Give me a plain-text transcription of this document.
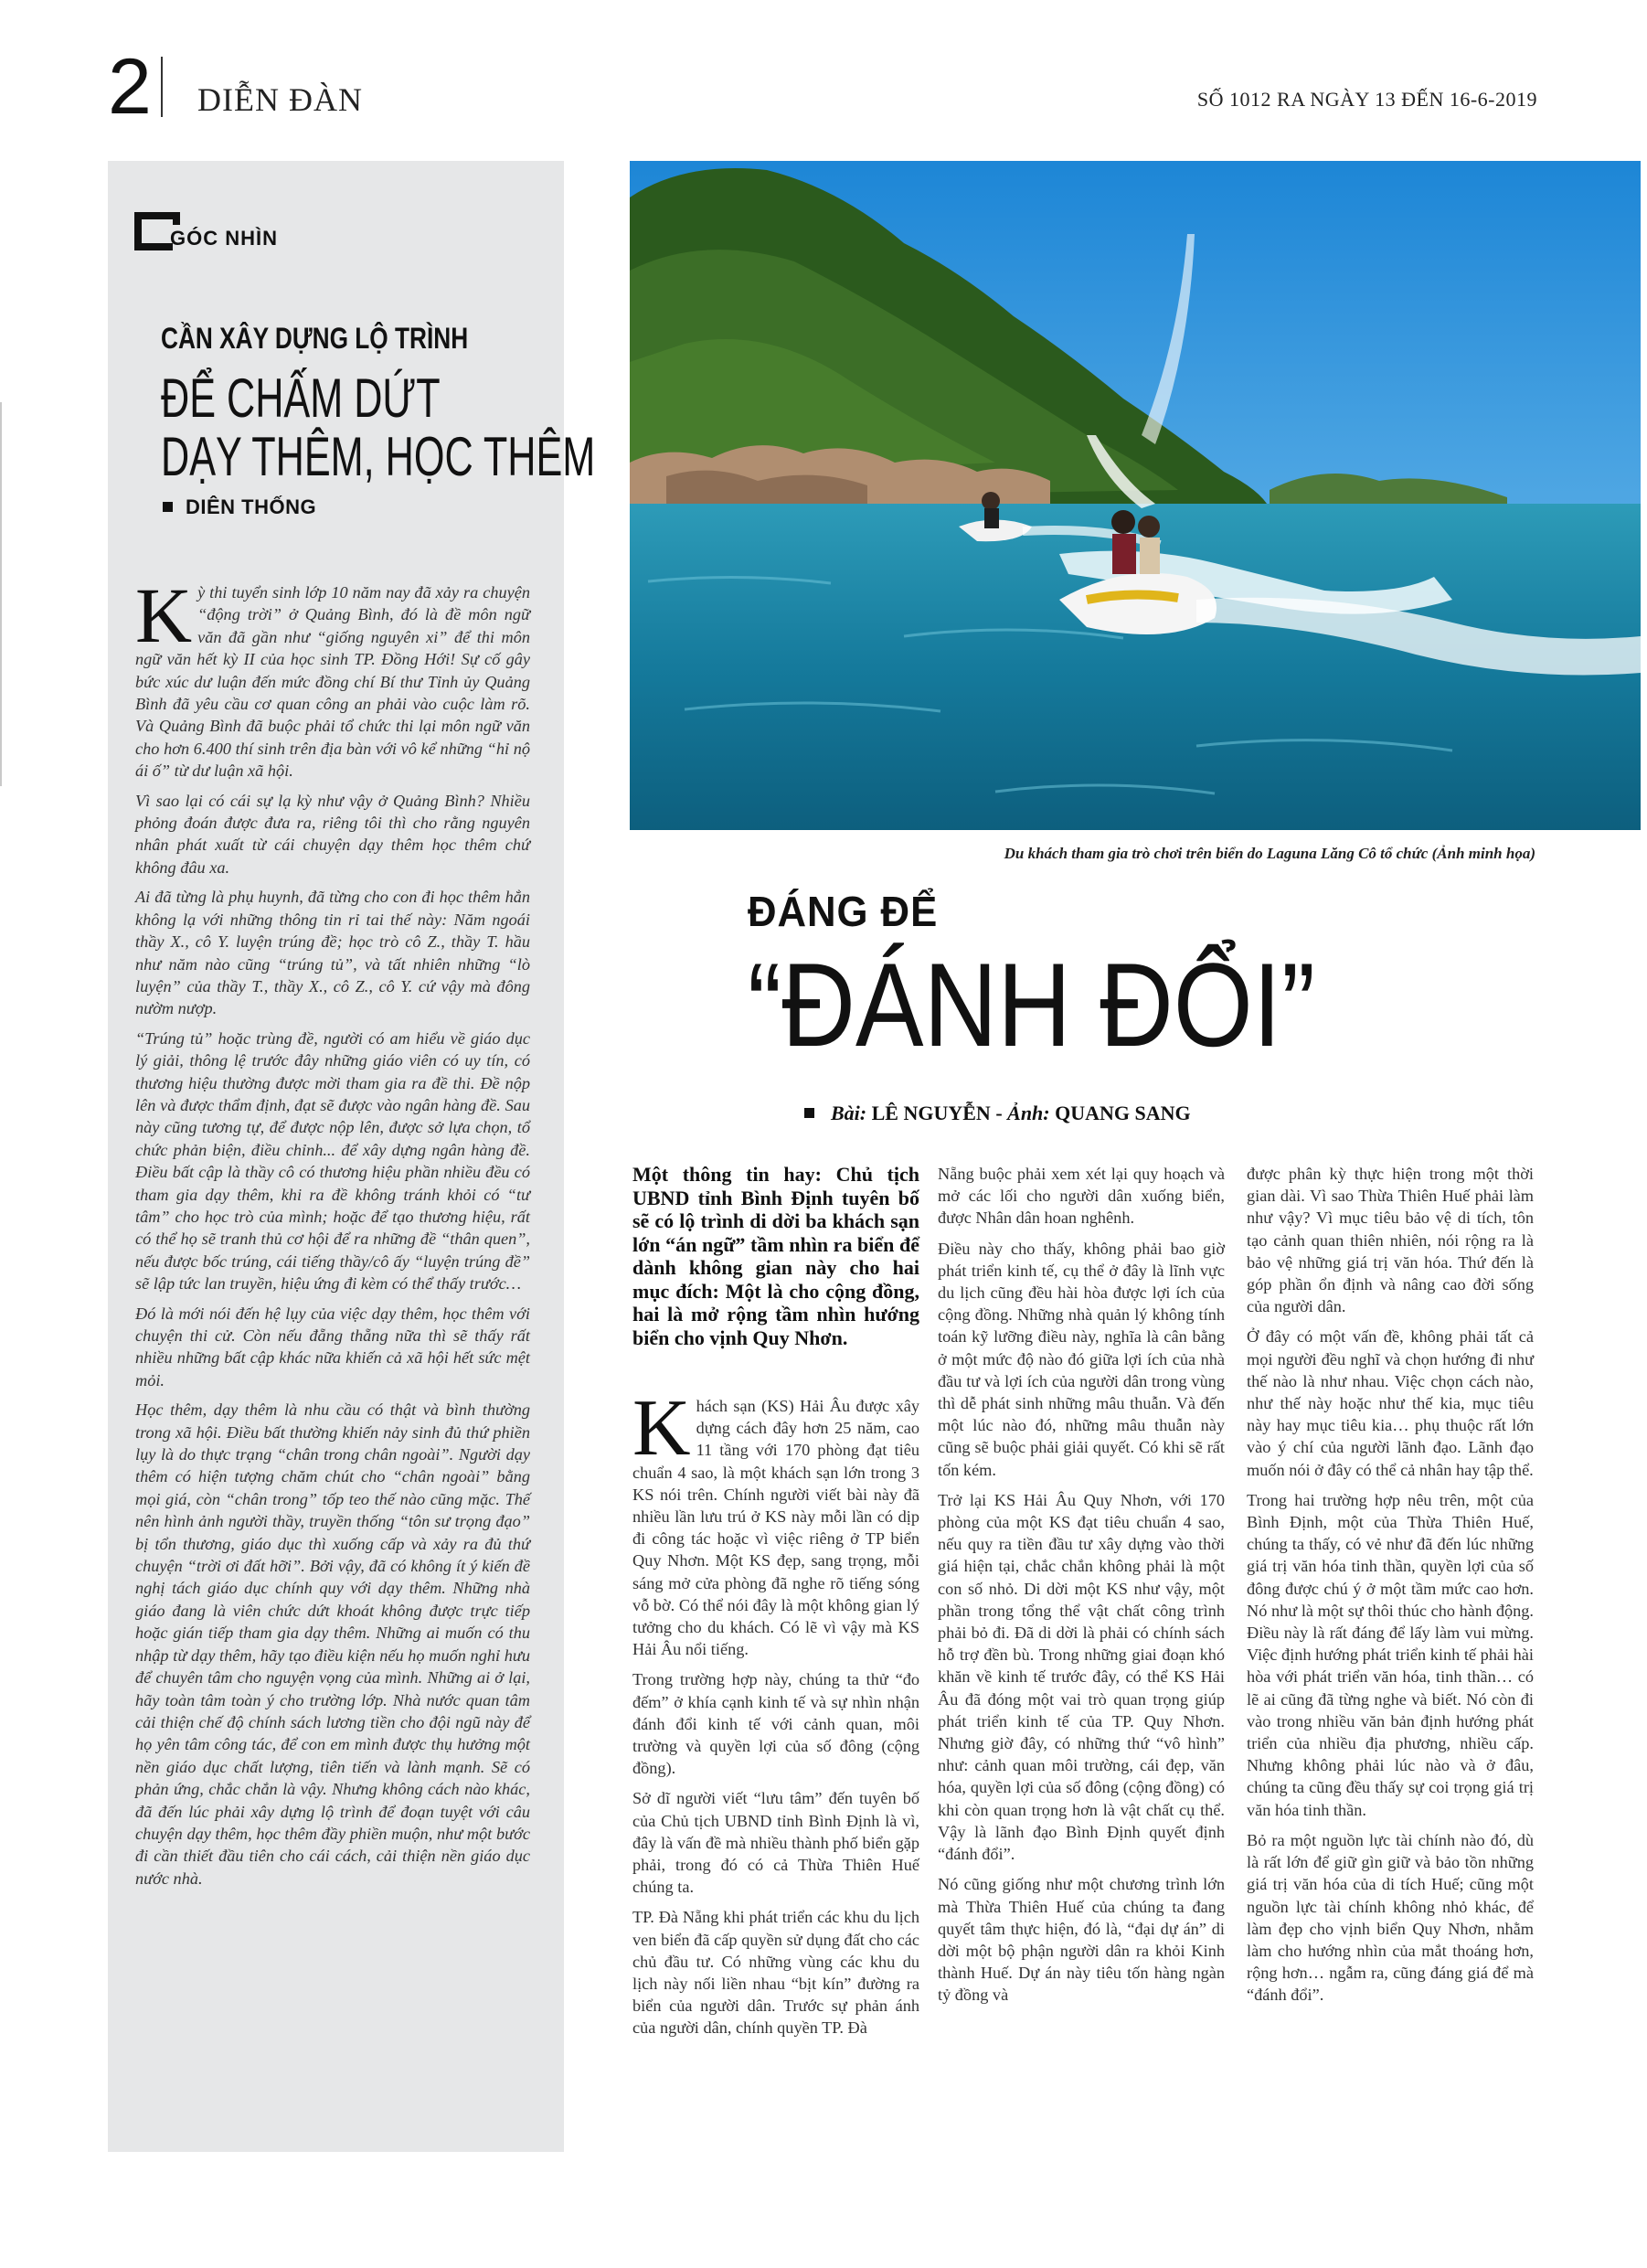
2 DIỄN ĐÀN	SỐ 1012 RA NGÀY 13 ĐẾN 16-6-2019
GÓC NHÌN
CẦN XÂY DỰNG LỘ TRÌNH
ĐỂ CHẤM DỨT
DẠY THÊM, HỌC THÊM
DIÊN THỐNG

Kỳ thi tuyển sinh lớp 10 năm nay đã xảy ra chuyện “động trời” ở Quảng Bình, đó là đề môn ngữ văn đã gần như “giống nguyên xi” để thi môn ngữ văn hết kỳ II của học sinh TP. Đồng Hới! Sự cố gây bức xúc dư luận đến mức đồng chí Bí thư Tỉnh ủy Quảng Bình đã yêu cầu cơ quan công an phải vào cuộc làm rõ. Và Quảng Bình đã buộc phải tổ chức thi lại môn ngữ văn cho hơn 6.400 thí sinh trên địa bàn với vô kể những “hỉ nộ ái ố” từ dư luận xã hội.

Vì sao lại có cái sự lạ kỳ như vậy ở Quảng Bình? Nhiều phỏng đoán được đưa ra, riêng tôi thì cho rằng nguyên nhân phát xuất từ cái chuyện dạy thêm học thêm chứ không đâu xa.

Ai đã từng là phụ huynh, đã từng cho con đi học thêm hẳn không lạ với những thông tin rỉ tai thế này: Năm ngoái thầy X., cô Y. luyện trúng đề; học trò cô Z., thầy T. hầu như năm nào cũng “trúng tủ”, và tất nhiên những “lò luyện” của thầy T., thầy X., cô Z., cô Y. cứ vậy mà đông nườm nượp.

“Trúng tủ” hoặc trùng đề, người có am hiểu về giáo dục lý giải, thông lệ trước đây những giáo viên có uy tín, có thương hiệu thường được mời tham gia ra đề thi. Đề nộp lên và được thẩm định, đạt sẽ được vào ngân hàng đề. Sau này cũng tương tự, để được nộp lên, được sở lựa chọn, tổ chức phản biện, điều chỉnh... để xây dựng ngân hàng đề. Điều bất cập là thầy cô có thương hiệu phần nhiều đều có tham gia dạy thêm, khi ra đề không tránh khỏi có “tư tâm” cho học trò của mình; hoặc để tạo thương hiệu, rất có thể họ sẽ tranh thủ cơ hội để ra những đề “thân quen”, nếu được bốc trúng, cái tiếng thầy/cô ấy “luyện trúng đề” sẽ lập tức lan truyền, hiệu ứng đi kèm có thể thấy trước…

Đó là mới nói đến hệ lụy của việc dạy thêm, học thêm với chuyện thi cử. Còn nếu đẵng thẵng nữa thì sẽ thấy rất nhiều những bất cập khác nữa khiến cả xã hội hết sức mệt mỏi.

Học thêm, dạy thêm là nhu cầu có thật và bình thường trong xã hội. Điều bất thường khiến nảy sinh đủ thứ phiền lụy là do thực trạng “chân trong chân ngoài”. Người dạy thêm có hiện tượng chăm chút cho “chân ngoài” bằng mọi giá, còn “chân trong” tốp teo thế nào cũng mặc. Thế nên hình ảnh người thầy, truyền thống “tôn sư trọng đạo” bị tổn thương, giáo dục thì xuống cấp và xảy ra đủ thứ chuyện “trời ơi đất hỡi”. Bởi vậy, đã có không ít ý kiến đề nghị tách giáo dục chính quy với dạy thêm. Những nhà giáo đang là viên chức dứt khoát không được trực tiếp hoặc gián tiếp tham gia dạy thêm. Những ai muốn có thu nhập từ dạy thêm, hãy tạo điều kiện nếu họ muốn nghỉ hưu để chuyên tâm cho nguyện vọng của mình. Những ai ở lại, hãy toàn tâm toàn ý cho trường lớp. Nhà nước quan tâm cải thiện chế độ chính sách lương tiền cho đội ngũ này để họ yên tâm công tác, để con em mình được thụ hưởng một nền giáo dục chất lượng, tiên tiến và lành mạnh. Sẽ có phản ứng, chắc chắn là vậy. Nhưng không cách nào khác, đã đến lúc phải xây dựng lộ trình để đoạn tuyệt với câu chuyện dạy thêm, học thêm đầy phiền muộn, như một bước đi cần thiết đầu tiên cho cái cách, cải thiện nền giáo dục nước nhà.

Du khách tham gia trò chơi trên biển do Laguna Lăng Cô tổ chức (Ảnh minh họa)
ĐÁNG ĐỂ
“ĐÁNH ĐỔI”
Bài: LÊ NGUYỄN - Ảnh: QUANG SANG

Một thông tin hay: Chủ tịch UBND tỉnh Bình Định tuyên bố sẽ có lộ trình di dời ba khách sạn lớn “án ngữ” tầm nhìn ra biển để dành không gian này cho hai mục đích: Một là cho cộng đồng, hai là mở rộng tầm nhìn hướng biển cho vịnh Quy Nhơn.

Khách sạn (KS) Hải Âu được xây dựng cách đây hơn 25 năm, cao 11 tầng với 170 phòng đạt tiêu chuẩn 4 sao, là một khách sạn lớn trong 3 KS nói trên. Chính người viết bài này đã nhiều lần lưu trú ở KS này mỗi lần có dịp đi công tác hoặc vì việc riêng ở TP biển Quy Nhơn. Một KS đẹp, sang trọng, mỗi sáng mở cửa phòng đã nghe rõ tiếng sóng vỗ bờ. Có thể nói đây là một không gian lý tưởng cho du khách. Có lẽ vì vậy mà KS Hải Âu nổi tiếng.

Trong trường hợp này, chúng ta thử “đo đếm” ở khía cạnh kinh tế và sự nhìn nhận đánh đổi kinh tế với cảnh quan, môi trường và quyền lợi của số đông (cộng đồng).

Sở dĩ người viết “lưu tâm” đến tuyên bố của Chủ tịch UBND tỉnh Bình Định là vì, đây là vấn đề mà nhiều thành phố biển gặp phải, trong đó có cả Thừa Thiên Huế chúng ta.

TP. Đà Nẵng khi phát triển các khu du lịch ven biển đã cấp quyền sử dụng đất cho các chủ đầu tư. Có những vùng các khu du lịch này nối liền nhau “bịt kín” đường ra biển của người dân. Trước sự phản ánh của người dân, chính quyền TP. Đà

Nẵng buộc phải xem xét lại quy hoạch và mở các lối cho người dân xuống biển, được Nhân dân hoan nghênh.

Điều này cho thấy, không phải bao giờ phát triển kinh tế, cụ thể ở đây là lĩnh vực du lịch cũng đều hài hòa được lợi ích của cộng đồng. Những nhà quản lý không tính toán kỹ lưỡng điều này, nghĩa là cân bằng ở một mức độ nào đó giữa lợi ích của nhà đầu tư và lợi ích của người dân trong vùng thì dễ phát sinh những mâu thuẫn. Và đến một lúc nào đó, những mâu thuẫn này cũng sẽ buộc phải giải quyết. Có khi sẽ rất tốn kém.

Trở lại KS Hải Âu Quy Nhơn, với 170 phòng của một KS đạt tiêu chuẩn 4 sao, nếu quy ra tiền đầu tư xây dựng vào thời giá hiện tại, chắc chắn không phải là một con số nhỏ. Di dời một KS như vậy, một phần trong tổng thể vật chất công trình phải bỏ đi. Đã di dời là phải có chính sách hỗ trợ đền bù. Trong những giai đoạn khó khăn về kinh tế trước đây, có thể KS Hải Âu đã đóng một vai trò quan trọng giúp phát triển kinh tế của TP. Quy Nhơn. Nhưng giờ đây, có những thứ “vô hình” như: cảnh quan môi trường, cái đẹp, văn hóa, quyền lợi của số đông (cộng đồng) có khi còn quan trọng hơn là vật chất cụ thể. Vậy là lãnh đạo Bình Định quyết định “đánh đổi”.

Nó cũng giống như một chương trình lớn mà Thừa Thiên Huế của chúng ta đang quyết tâm thực hiện, đó là, “đại dự án” di dời một bộ phận người dân ra khỏi Kinh thành Huế. Dự án này tiêu tốn hàng ngàn tỷ đồng và

được phân kỳ thực hiện trong một thời gian dài. Vì sao Thừa Thiên Huế phải làm như vậy? Vì mục tiêu bảo vệ di tích, tôn tạo cảnh quan thiên nhiên, nói rộng ra là bảo vệ những giá trị văn hóa. Thứ đến là góp phần ổn định và nâng cao đời sống của người dân.

Ở đây có một vấn đề, không phải tất cả mọi người đều nghĩ và chọn hướng đi như thế nào là như nhau. Việc chọn cách nào, như thế này hoặc như thế kia, mục tiêu này hay mục tiêu kia… phụ thuộc rất lớn vào ý chí của người lãnh đạo. Lãnh đạo muốn nói ở đây có thể cả nhân hay tập thể.

Trong hai trường hợp nêu trên, một của Bình Định, một của Thừa Thiên Huế, chúng ta thấy, có vẻ như đã đến lúc những giá trị văn hóa tinh thần, quyền lợi của số đông được chú ý ở một tầm mức cao hơn. Nó như là một sự thôi thúc cho hành động. Điều này là rất đáng để lấy làm vui mừng. Việc định hướng phát triển kinh tế phải hài hòa với phát triển văn hóa, tinh thần… có lẽ ai cũng đã từng nghe và biết. Nó còn đi vào trong nhiều văn bản định hướng phát triển của nhiều địa phương, nhiều cấp. Nhưng không phải lúc nào và ở đâu, chúng ta cũng đều thấy sự coi trọng giá trị văn hóa tinh thần.

Bỏ ra một nguồn lực tài chính nào đó, dù là rất lớn để giữ gìn giữ và bảo tồn những giá trị văn hóa của di tích Huế; cũng một nguồn lực tài chính không nhỏ khác, để làm đẹp cho vịnh biển Quy Nhơn, nhằm làm cho hướng nhìn của mắt thoáng hơn, rộng hơn… ngẫm ra, cũng đáng giá để mà “đánh đổi”.
